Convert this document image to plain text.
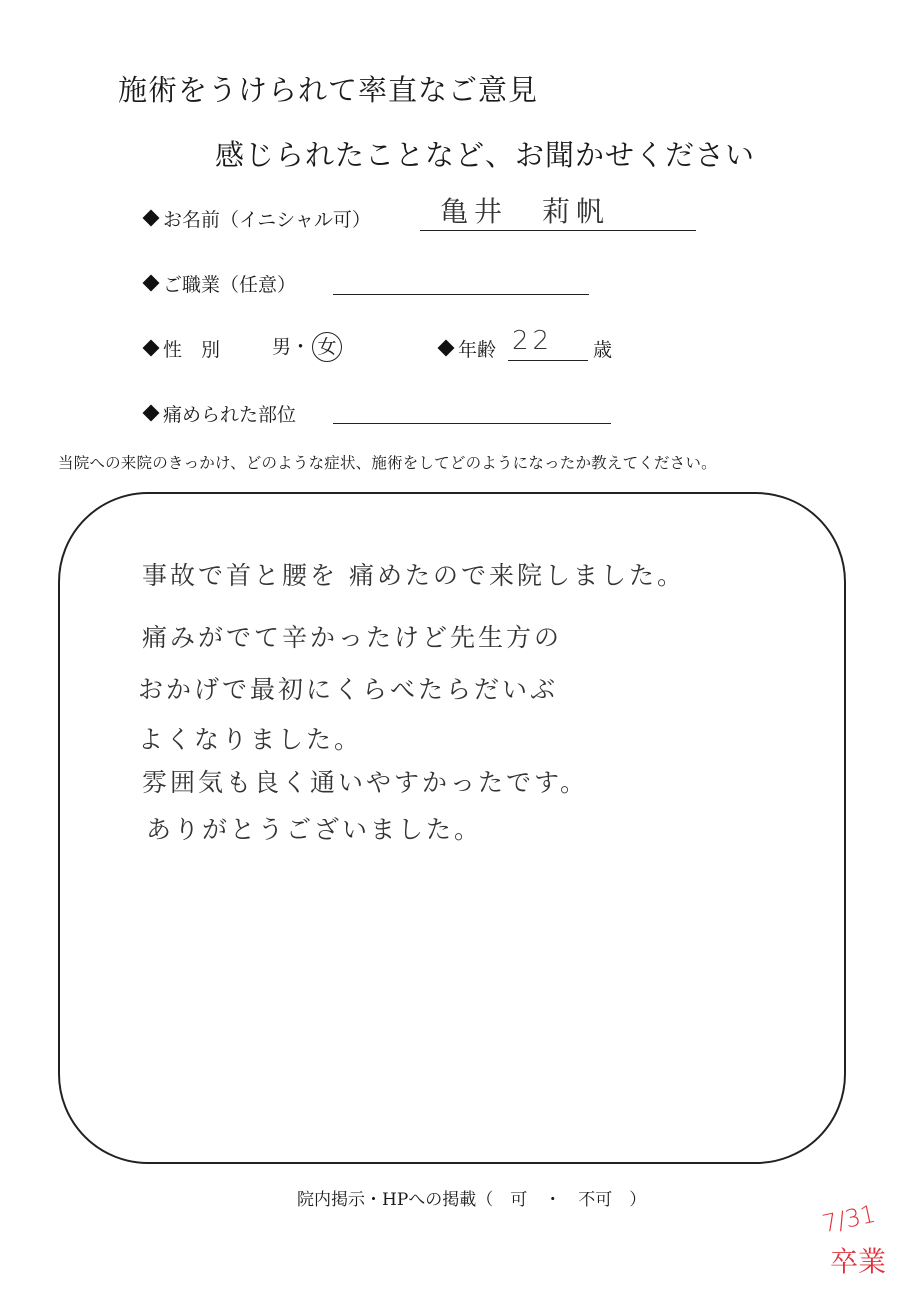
施術をうけられて率直なご意見
感じられたことなど、お聞かせください
お名前（イニシャル可） 亀井　莉帆
ご職業（任意）
性　別	男・ 女	年齢 22 歳
痛められた部位
当院への来院のきっかけ、どのような症状、施術をしてどのようになったか教えてください。
事故で首と腰を 痛めたので来院しました。
痛みがでて辛かったけど先生方の
おかげで最初にくらべたらだいぶ
よくなりました。
雰囲気も良く通いやすかったです。
ありがとうございました。
院内掲示・HPへの掲載（　可　・　不可　）	7/31
卒業
